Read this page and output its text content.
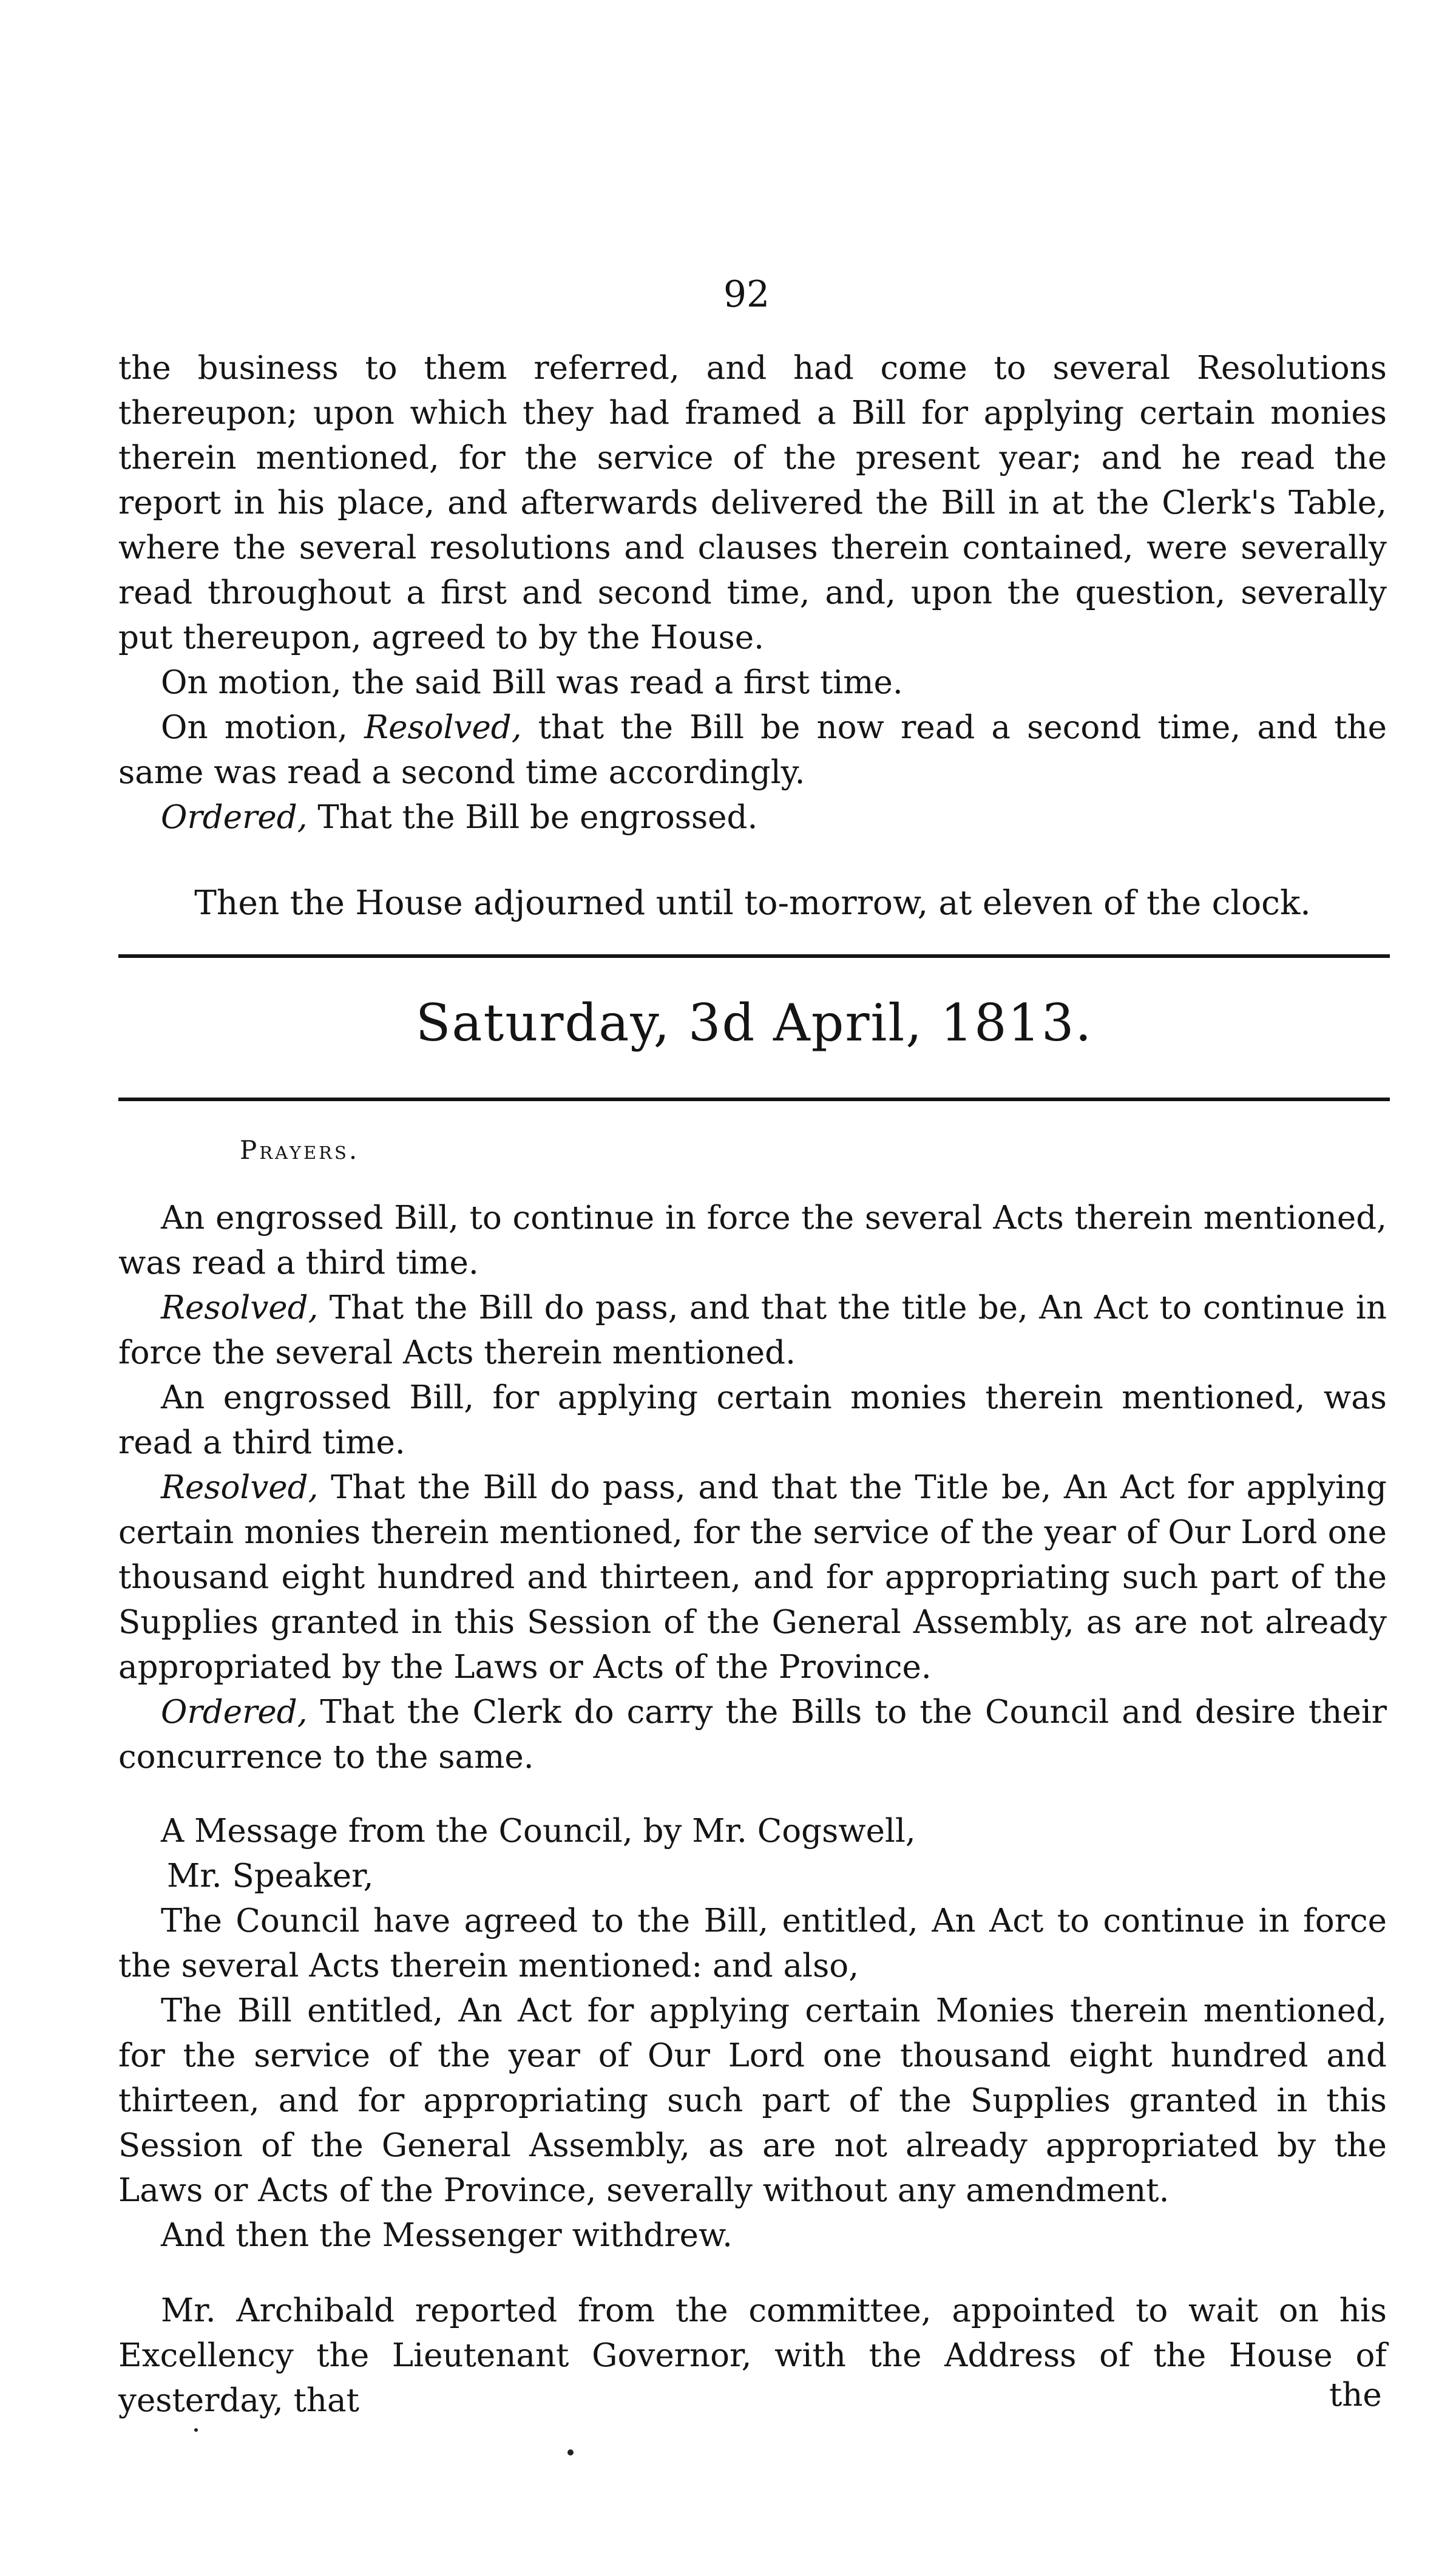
92

the business to them referred, and had come to several Resolutions thereupon; upon which they had framed a Bill for applying certain monies therein mentioned, for the service of the present year; and he read the report in his place, and afterwards delivered the Bill in at the Clerk's Table, where the several resolutions and clauses therein contained, were severally read throughout a first and second time, and, upon the question, severally put thereupon, agreed to by the House.

On motion, the said Bill was read a first time.

On motion, Resolved, that the Bill be now read a second time, and the same was read a second time accordingly.

Ordered, That the Bill be engrossed.

Then the House adjourned until to-morrow, at eleven of the clock.
Saturday, 3d April, 1813.
Prayers.

An engrossed Bill, to continue in force the several Acts therein mentioned, was read a third time.

Resolved, That the Bill do pass, and that the title be, An Act to continue in force the several Acts therein mentioned.

An engrossed Bill, for applying certain monies therein mentioned, was read a third time.

Resolved, That the Bill do pass, and that the Title be, An Act for applying certain monies therein mentioned, for the service of the year of Our Lord one thousand eight hundred and thirteen, and for appropriating such part of the Supplies granted in this Session of the General Assembly, as are not already appropriated by the Laws or Acts of the Province.

Ordered, That the Clerk do carry the Bills to the Council and desire their concurrence to the same.

A Message from the Council, by Mr. Cogswell,

Mr. Speaker,

The Council have agreed to the Bill, entitled, An Act to continue in force the several Acts therein mentioned: and also,

The Bill entitled, An Act for applying certain Monies therein mentioned, for the service of the year of Our Lord one thousand eight hundred and thirteen, and for appropriating such part of the Supplies granted in this Session of the General Assembly, as are not already appropriated by the Laws or Acts of the Province, severally without any amendment.

And then the Messenger withdrew.

Mr. Archibald reported from the committee, appointed to wait on his Excellency the Lieutenant Governor, with the Address of the House of yesterday, that	the
